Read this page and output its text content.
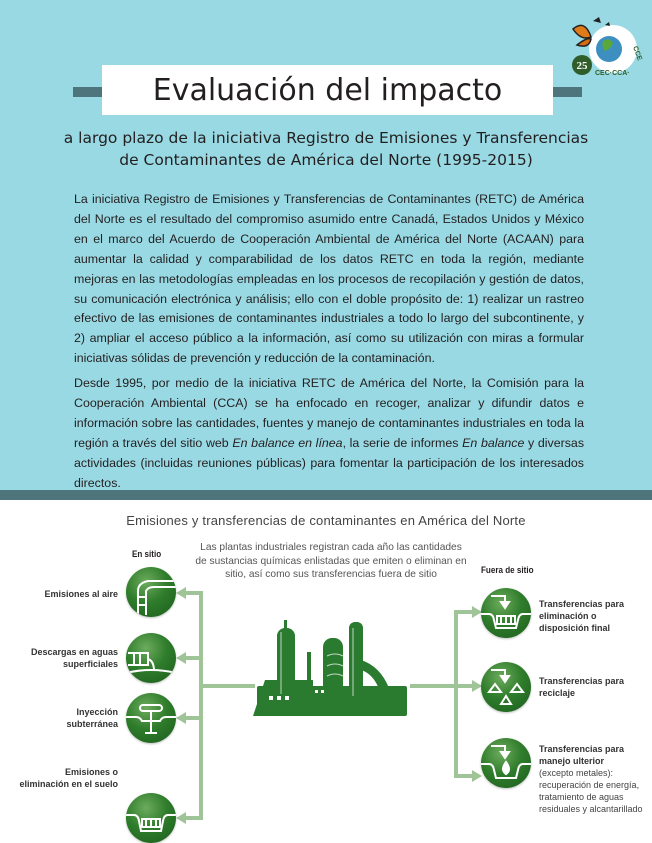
25
CEC·CCA·
CCE
Evaluación del impacto
a largo plazo de la iniciativa Registro de Emisiones y Transferencias
de Contaminantes de América del Norte (1995-2015)
La iniciativa Registro de Emisiones y Transferencias de Contaminantes (RETC) de América del Norte es el resultado del compromiso asumido entre Canadá, Estados Unidos y México en el marco del Acuerdo de Cooperación Ambiental de América del Norte (ACAAN) para aumentar la calidad y comparabilidad de los datos RETC en toda la región, mediante mejoras en las metodologías empleadas en los procesos de recopilación y gestión de datos, su comunicación electrónica y análisis; ello con el doble propósito de: 1) realizar un rastreo efectivo de las emisiones de contaminantes industriales a todo lo largo del subcontinente, y 2) ampliar el acceso público a la información, así como su utilización con miras a formular iniciativas sólidas de prevención y reducción de la contaminación.
Desde 1995, por medio de la iniciativa RETC de América del Norte, la Comisión para la Cooperación Ambiental (CCA) se ha enfocado en recoger, analizar y difundir datos e información sobre las cantidades, fuentes y manejo de contaminantes industriales en toda la región a través del sitio web En balance en línea, la serie de informes En balance y diversas actividades (incluidas reuniones públicas) para fomentar la participación de los interesados directos.
Emisiones y transferencias de contaminantes en América del Norte
En sitio
Fuera de sitio
Las plantas industriales registran cada año las cantidades de sustancias químicas enlistadas que emiten o eliminan en sitio, así como sus transferencias fuera de sitio
Emisiones al aire
Descargas en aguas superficiales
Inyección subterránea
Emisiones o eliminación en el suelo
Transferencias para eliminación o disposición final
Transferencias para reciclaje
Transferencias para manejo ulterior
(excepto metales): recuperación de energía, tratamiento de aguas residuales y alcantarillado
